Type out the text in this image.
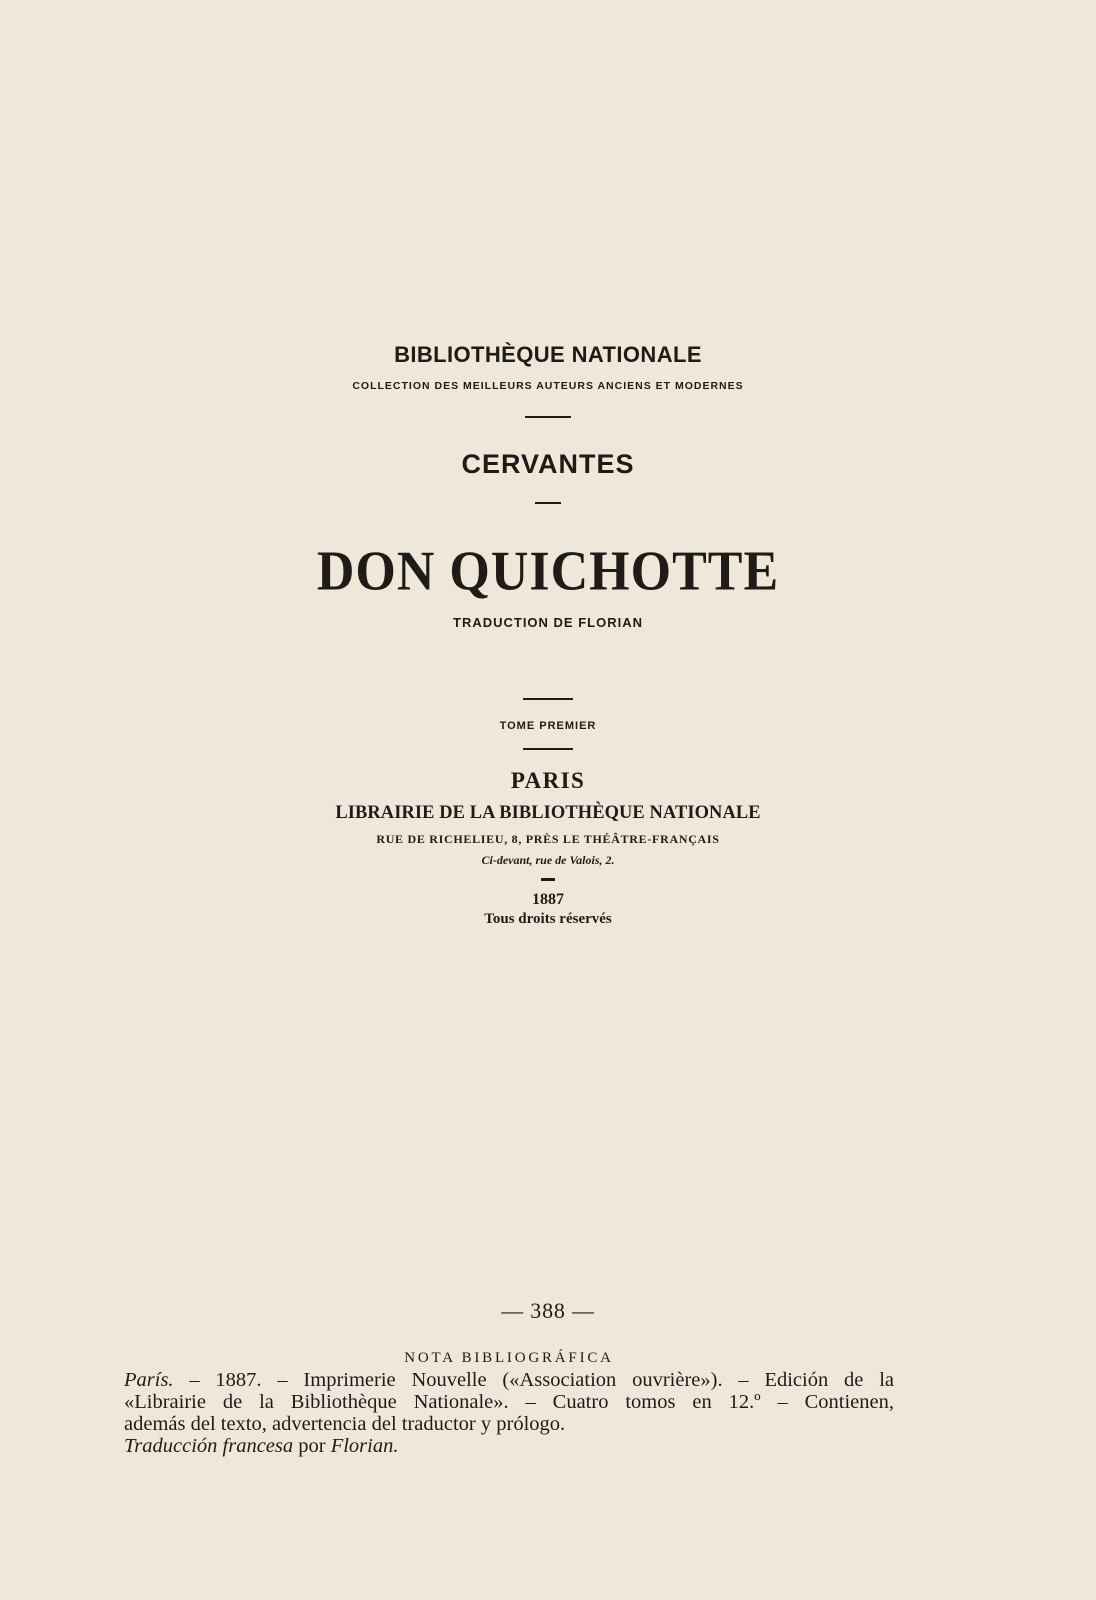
BIBLIOTHÈQUE NATIONALE
COLLECTION DES MEILLEURS AUTEURS ANCIENS ET MODERNES
CERVANTES
DON QUICHOTTE
TRADUCTION DE FLORIAN
TOME PREMIER
PARIS
LIBRAIRIE DE LA BIBLIOTHÈQUE NATIONALE
RUE DE RICHELIEU, 8, PRÈS LE THÉÂTRE-FRANÇAIS
Ci-devant, rue de Valois, 2.
1887
Tous droits réservés
— 388 —
NOTA BIBLIOGRÁFICA
París. – 1887. – Imprimerie Nouvelle («Association ouvrière»). – Edición de la
«Librairie de la Bibliothèque Nationale». – Cuatro tomos en 12.º – Contienen,
además del texto, advertencia del traductor y prólogo.
Traducción francesa por Florian.
